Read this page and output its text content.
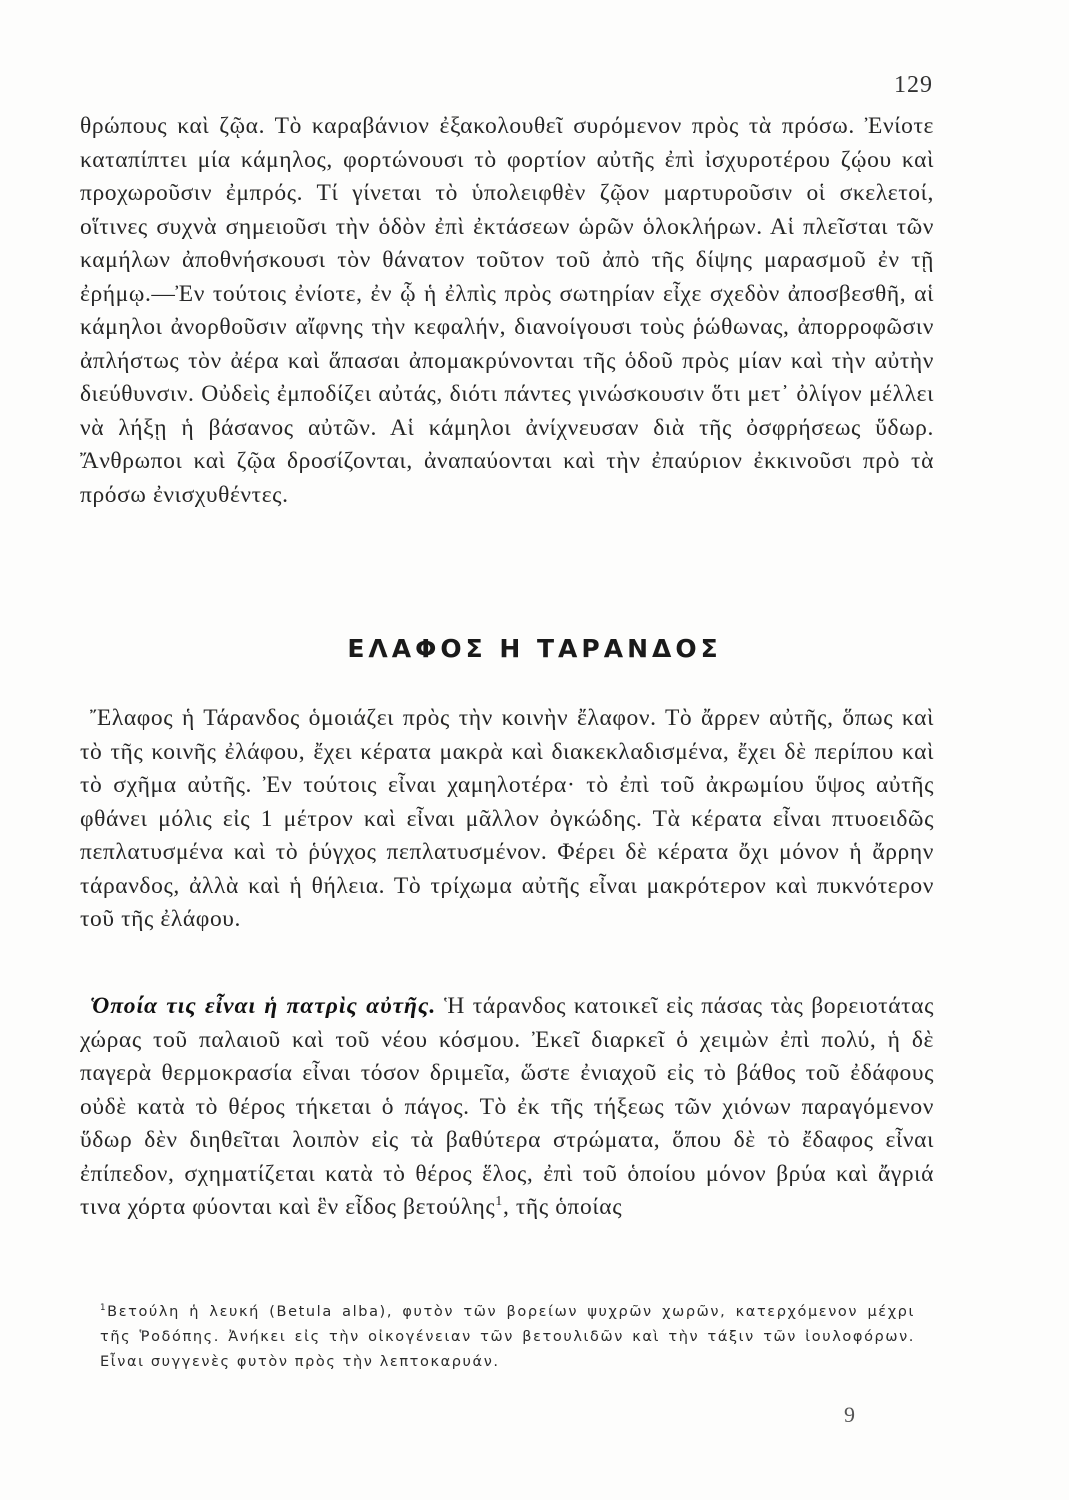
129

θρώπους καὶ ζῷα. Τὸ καραβάνιον ἐξακολουθεῖ συρόμενον πρὸς τὰ πρόσω. Ἐνίοτε καταπίπτει μία κάμηλος, φορτώνουσι τὸ φορτίον αὐτῆς ἐπὶ ἰσχυροτέρου ζῴου καὶ προχωροῦσιν ἐμπρός. Τί γίνεται τὸ ὑπολειφθὲν ζῷον μαρτυροῦσιν οἱ σκελετοί, οἵτινες συχνὰ σημειοῦσι τὴν ὁδὸν ἐπὶ ἐκτάσεων ὡρῶν ὁλοκλήρων. Αἱ πλεῖσται τῶν καμήλων ἀποθνήσκουσι τὸν θάνατον τοῦτον τοῦ ἀπὸ τῆς δίψης μαρασμοῦ ἐν τῇ ἐρήμῳ.—Ἐν τούτοις ἐνίοτε, ἐν ᾧ ἡ ἐλπὶς πρὸς σωτηρίαν εἶχε σχεδὸν ἀποσβεσθῆ, αἱ κάμηλοι ἀνορθοῦσιν αἴφνης τὴν κεφαλήν, διανοίγουσι τοὺς ῥώθωνας, ἀπορροφῶσιν ἀπλήστως τὸν ἀέρα καὶ ἅπασαι ἀπομακρύνονται τῆς ὁδοῦ πρὸς μίαν καὶ τὴν αὐτὴν διεύθυνσιν. Οὐδεὶς ἐμποδίζει αὐτάς, διότι πάντες γινώσκουσιν ὅτι μετ᾽ ὀλίγον μέλλει νὰ λήξῃ ἡ βάσανος αὐτῶν. Αἱ κάμηλοι ἀνίχνευσαν διὰ τῆς ὀσφρήσεως ὕδωρ. Ἄνθρωποι καὶ ζῷα δροσίζονται, ἀναπαύονται καὶ τὴν ἐπαύριον ἐκκινοῦσι πρὸ τὰ πρόσω ἐνισχυθέντες.

ΕΛΑΦΟΣ Η ΤΑΡΑΝΔΟΣ

Ἔλαφος ἡ Τάρανδος ὁμοιάζει πρὸς τὴν κοινὴν ἔλαφον. Τὸ ἄρρεν αὐτῆς, ὅπως καὶ τὸ τῆς κοινῆς ἐλάφου, ἔχει κέρατα μακρὰ καὶ διακεκλαδισμένα, ἔχει δὲ περίπου καὶ τὸ σχῆμα αὐτῆς. Ἐν τούτοις εἶναι χαμηλοτέρα· τὸ ἐπὶ τοῦ ἀκρωμίου ὕψος αὐτῆς φθάνει μόλις εἰς 1 μέτρον καὶ εἶναι μᾶλλον ὀγκώδης. Τὰ κέρατα εἶναι πτυοειδῶς πεπλατυσμένα καὶ τὸ ῥύγχος πεπλατυσμένον. Φέρει δὲ κέρατα ὄχι μόνον ἡ ἄρρην τάρανδος, ἀλλὰ καὶ ἡ θήλεια. Τὸ τρίχωμα αὐτῆς εἶναι μακρότερον καὶ πυκνότερον τοῦ τῆς ἐλάφου.

Ὁποία τις εἶναι ἡ πατρὶς αὐτῆς. Ἡ τάρανδος κατοικεῖ εἰς πάσας τὰς βορειοτάτας χώρας τοῦ παλαιοῦ καὶ τοῦ νέου κόσμου. Ἐκεῖ διαρκεῖ ὁ χειμὼν ἐπὶ πολύ, ἡ δὲ παγερὰ θερμοκρασία εἶναι τόσον δριμεῖα, ὥστε ἐνιαχοῦ εἰς τὸ βάθος τοῦ ἐδάφους οὐδὲ κατὰ τὸ θέρος τήκεται ὁ πάγος. Τὸ ἐκ τῆς τήξεως τῶν χιόνων παραγόμενον ὕδωρ δὲν διηθεῖται λοιπὸν εἰς τὰ βαθύτερα στρώματα, ὅπου δὲ τὸ ἔδαφος εἶναι ἐπίπεδον, σχηματίζεται κατὰ τὸ θέρος ἕλος, ἐπὶ τοῦ ὁποίου μόνον βρύα καὶ ἄγριά τινα χόρτα φύονται καὶ ἓν εἶδος βετούλης$^1$, τῆς ὁποίας

$^1$Βετούλη ἡ λευκή (Betula alba), φυτὸν τῶν βορείων ψυχρῶν χωρῶν, κατερχόμενον μέχρι τῆς Ῥοδόπης. Ἀνήκει εἰς τὴν οἰκογένειαν τῶν βετουλιδῶν καὶ τὴν τάξιν τῶν ἰουλοφόρων. Εἶναι συγγενὲς φυτὸν πρὸς τὴν λεπτοκαρυάν.
9
